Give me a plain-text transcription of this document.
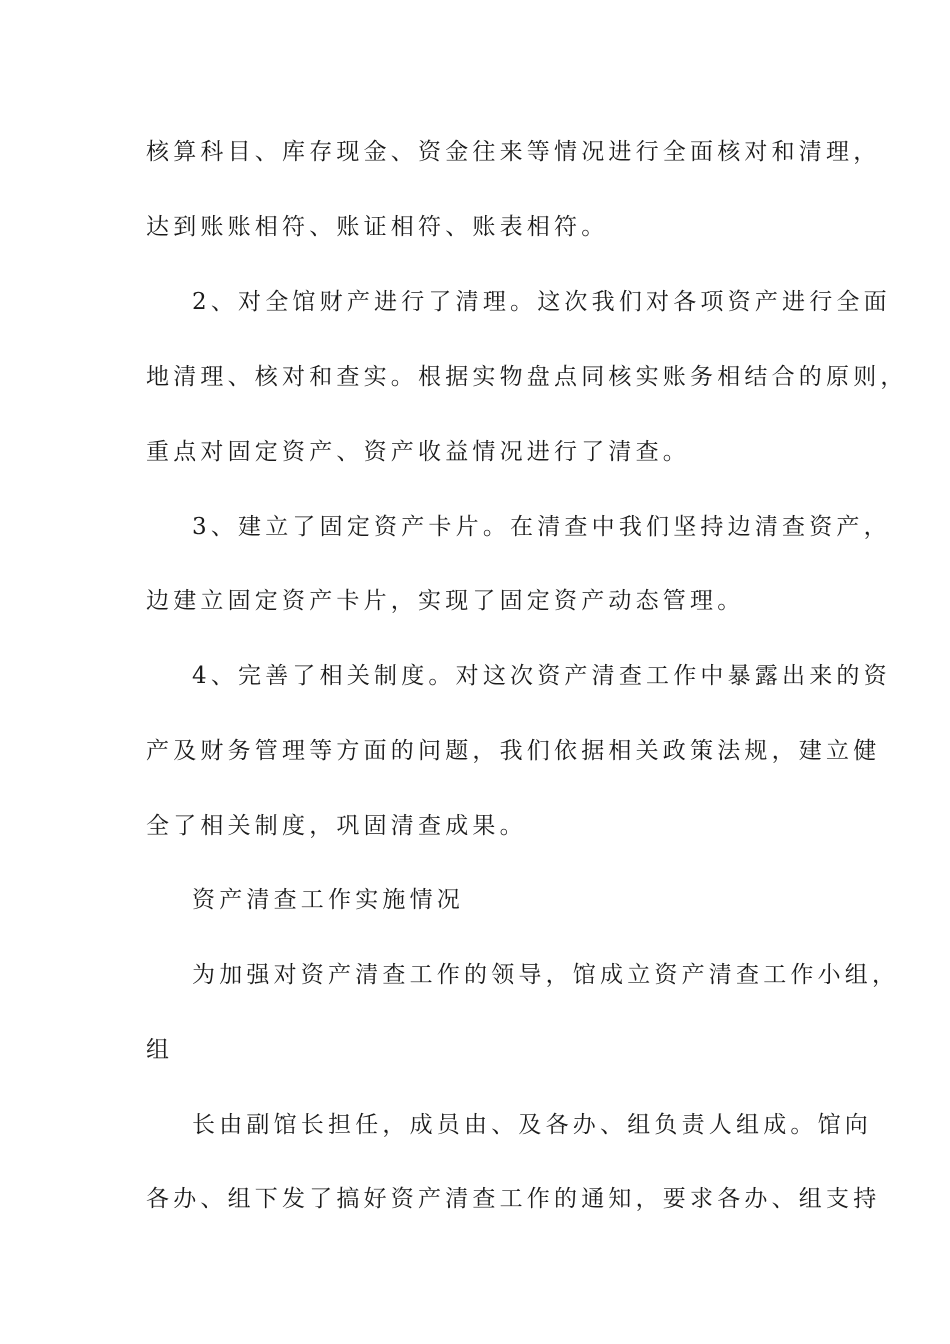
核算科目、库存现金、资金往来等情况进行全面核对和清理，
达到账账相符、账证相符、账表相符。
2、对全馆财产进行了清理。这次我们对各项资产进行全面
地清理、核对和查实。根据实物盘点同核实账务相结合的原则，
重点对固定资产、资产收益情况进行了清查。
3、建立了固定资产卡片。在清查中我们坚持边清查资产，
边建立固定资产卡片，实现了固定资产动态管理。
4、完善了相关制度。对这次资产清查工作中暴露出来的资
产及财务管理等方面的问题，我们依据相关政策法规，建立健
全了相关制度，巩固清查成果。
资产清查工作实施情况
为加强对资产清查工作的领导，馆成立资产清查工作小组，
组
长由副馆长担任，成员由、及各办、组负责人组成。馆向
各办、组下发了搞好资产清查工作的通知，要求各办、组支持
